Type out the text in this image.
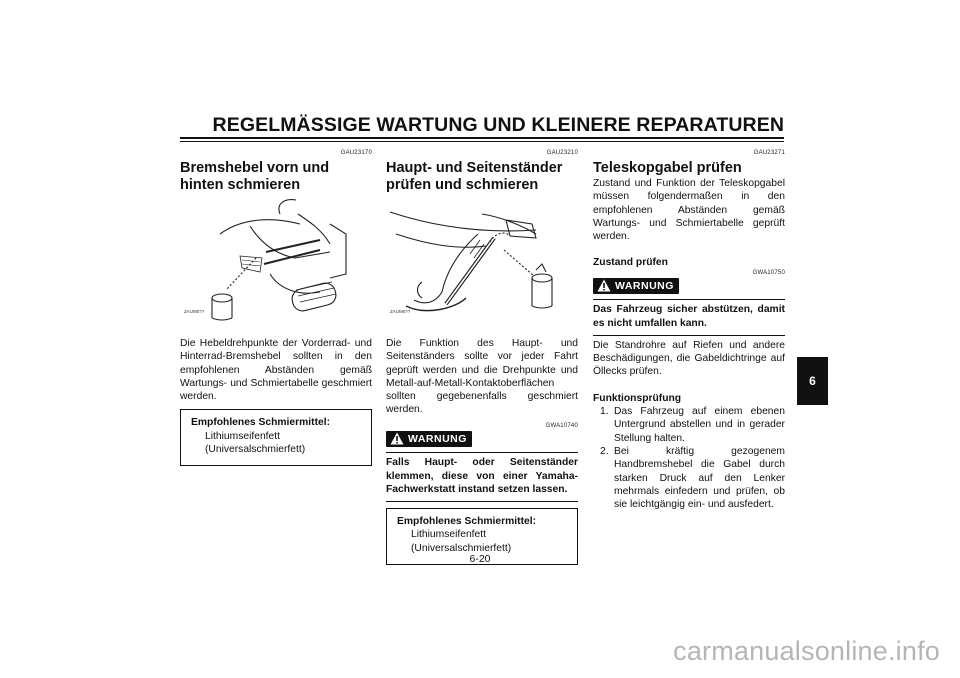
REGELMÄSSIGE WARTUNG UND KLEINERE REPARATUREN
GAU23170
Bremshebel vorn und hinten schmieren
ZAUM0??
Die Hebeldrehpunkte der Vorderrad- und Hinterrad-Bremshebel sollten in den empfohlenen Abständen gemäß Wartungs- und Schmiertabelle geschmiert werden.
Empfohlenes Schmiermittel:
Lithiumseifenfett (Universalschmierfett)
GAU23210
Haupt- und Seitenständer prüfen und schmieren
ZAUM0??
Die Funktion des Haupt- und Seitenständers sollte vor jeder Fahrt geprüft werden und die Drehpunkte und Metall-auf-Metall-Kontaktoberflächen sollten gegebenenfalls geschmiert werden.
GWA10740
WARNUNG
Falls Haupt- oder Seitenständer klemmen, diese von einer Yamaha-Fachwerkstatt instand setzen lassen.
Empfohlenes Schmiermittel:
Lithiumseifenfett (Universalschmierfett)
GAU23271
Teleskopgabel prüfen
Zustand und Funktion der Teleskopgabel müssen folgendermaßen in den empfohlenen Abständen gemäß Wartungs- und Schmiertabelle geprüft werden.
Zustand prüfen
GWA10750
WARNUNG
Das Fahrzeug sicher abstützen, damit es nicht umfallen kann.
Die Standrohre auf Riefen und andere Beschädigungen, die Gabeldichtringe auf Öllecks prüfen.
Funktionsprüfung
1. Das Fahrzeug auf einem ebenen Untergrund abstellen und in gerader Stellung halten.
2. Bei kräftig gezogenem Handbremshebel die Gabel durch starken Druck auf den Lenker mehrmals einfedern und prüfen, ob sie leichtgängig ein- und ausfedert.
6
6-20
carmanualsonline.info
